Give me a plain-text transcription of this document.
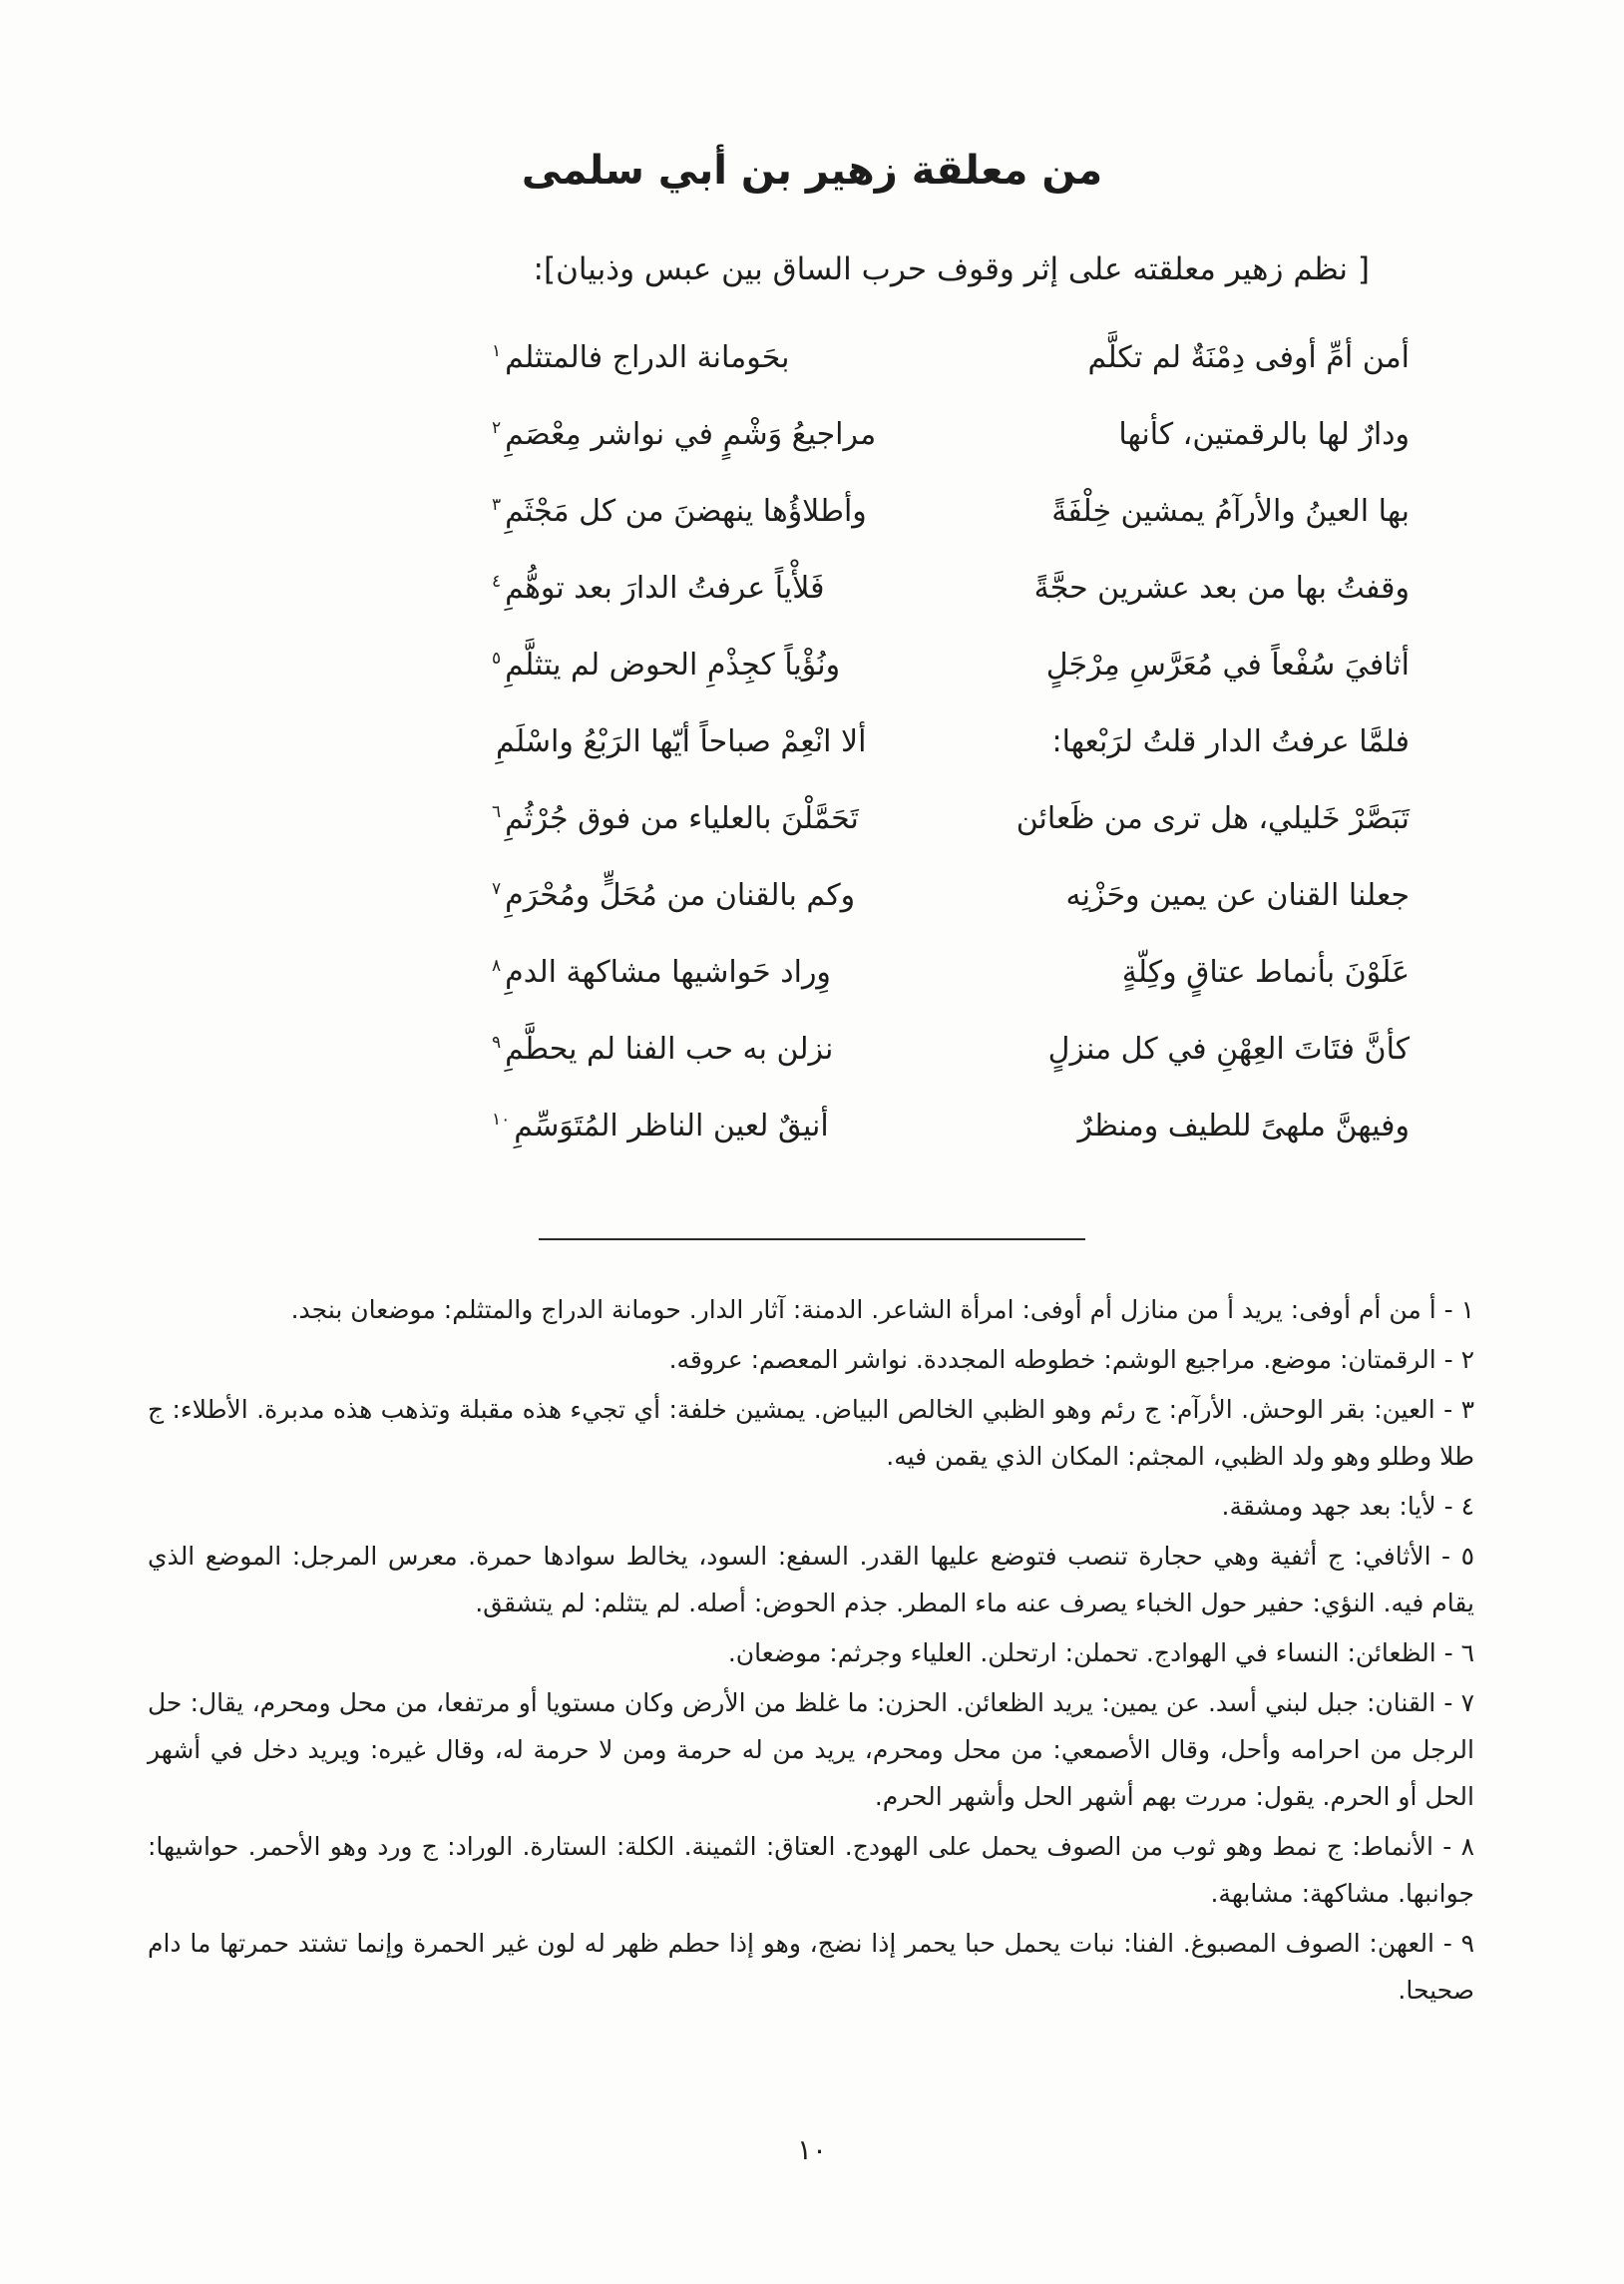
من معلقة زهير بن أبي سلمى

[ نظم زهير معلقته على إثر وقوف حرب الساق بين عبس وذبيان]:

أمن أمِّ أوفى دِمْنَةٌ لم تكلَّم
بحَومانة الدراج فالمتثلم$^١$
ودارٌ لها بالرقمتين، كأنها
مراجيعُ وَشْمٍ في نواشر مِعْصَمِ$^٢$
بها العينُ والأرآمُ يمشين خِلْفَةً
وأطلاؤُها ينهضنَ من كل مَجْثَمِ$^٣$
وقفتُ بها من بعد عشرين حجَّةً
فَلأْياً عرفتُ الدارَ بعد توهُّمِ$^٤$
أثافيَ سُفْعاً في مُعَرَّسِ مِرْجَلٍ
ونُؤْياً كجِذْمِ الحوض لم يتثلَّمِ$^٥$
فلمَّا عرفتُ الدار قلتُ لرَبْعها:
ألا انْعِمْ صباحاً أيّها الرَبْعُ واسْلَمِ
تَبَصَّرْ خَليلي، هل ترى من ظَعائن
تَحَمَّلْنَ بالعلياء من فوق جُرْثُمِ$^٦$
جعلنا القنان عن يمين وحَزْنِه
وكم بالقنان من مُحَلٍّ ومُحْرَمِ$^٧$
عَلَوْنَ بأنماط عتاقٍ وكِلّةٍ
وِراد حَواشيها مشاكهة الدمِ$^٨$
كأنَّ فتَاتَ العِهْنِ في كل منزلٍ
نزلن به حب الفنا لم يحطَّمِ$^٩$
وفيهنَّ ملهىً للطيف ومنظرٌ
أنيقٌ لعين الناظر المُتَوَسِّمِ$^{١٠}$

١ - أ من أم أوفى: يريد أ من منازل أم أوفى: امرأة الشاعر. الدمنة: آثار الدار. حومانة الدراج والمتثلم: موضعان بنجد.

٢ - الرقمتان: موضع. مراجيع الوشم: خطوطه المجددة. نواشر المعصم: عروقه.

٣ - العين: بقر الوحش. الأرآم: ج رئم وهو الظبي الخالص البياض. يمشين خلفة: أي تجيء هذه مقبلة وتذهب هذه مدبرة. الأطلاء: ج طلا وطلو وهو ولد الظبي، المجثم: المكان الذي يقمن فيه.

٤ - لأيا: بعد جهد ومشقة.

٥ - الأثافي: ج أثفية وهي حجارة تنصب فتوضع عليها القدر. السفع: السود، يخالط سوادها حمرة. معرس المرجل: الموضع الذي يقام فيه. النؤي: حفير حول الخباء يصرف عنه ماء المطر. جذم الحوض: أصله. لم يتثلم: لم يتشقق.

٦ - الظعائن: النساء في الهوادج. تحملن: ارتحلن. العلياء وجرثم: موضعان.

٧ - القنان: جبل لبني أسد. عن يمين: يريد الظعائن. الحزن: ما غلظ من الأرض وكان مستويا أو مرتفعا، من محل ومحرم، يقال: حل الرجل من احرامه وأحل، وقال الأصمعي: من محل ومحرم، يريد من له حرمة ومن لا حرمة له، وقال غيره: ويريد دخل في أشهر الحل أو الحرم. يقول: مررت بهم أشهر الحل وأشهر الحرم.

٨ - الأنماط: ج نمط وهو ثوب من الصوف يحمل على الهودج. العتاق: الثمينة. الكلة: الستارة. الوراد: ج ورد وهو الأحمر. حواشيها: جوانبها. مشاكهة: مشابهة.

٩ - العهن: الصوف المصبوغ. الفنا: نبات يحمل حبا يحمر إذا نضج، وهو إذا حطم ظهر له لون غير الحمرة وإنما تشتد حمرتها ما دام صحيحا.

١٠
